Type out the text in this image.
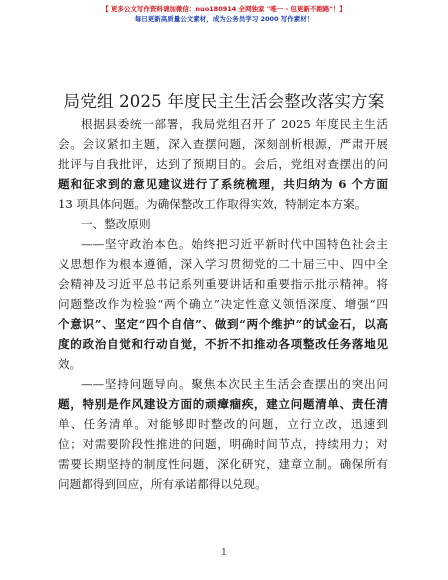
【 更多公文写作资料请加微信：nuo180914 全网独家 "唯一 - 包更新不跑路"！】
每日更新高质量公文素材，成为公务员学习 2000 写作素材！
局党组 2025 年度民主生活会整改落实方案
根据县委统一部署，我局党组召开了 2025 年度民主生活
会。会议紧扣主题，深入查摆问题，深刻剖析根源，严肃开展
批评与自我批评，达到了预期目的。会后，党组对查摆出的问
题和征求到的意见建议进行了系统梳理，共归纳为 6 个方面
13 项具体问题。为确保整改工作取得实效，特制定本方案。
一、整改原则
——坚守政治本色。始终把习近平新时代中国特色社会主
义思想作为根本遵循，深入学习贯彻党的二十届三中、四中全
会精神及习近平总书记系列重要讲话和重要指示批示精神。将
问题整改作为检验“两个确立”决定性意义领悟深度、增强“四
个意识”、坚定“四个自信”、做到“两个维护”的试金石，以高
度的政治自觉和行动自觉，不折不扣推动各项整改任务落地见
效。
——坚持问题导向。聚焦本次民主生活会查摆出的突出问
题，特别是作风建设方面的顽瘴痼疾，建立问题清单、责任清
单、任务清单。对能够即时整改的问题，立行立改，迅速到
位；对需要阶段性推进的问题，明确时间节点，持续用力；对
需要长期坚持的制度性问题，深化研究，建章立制。确保所有
问题都得到回应，所有承诺都得以兑现。
1
